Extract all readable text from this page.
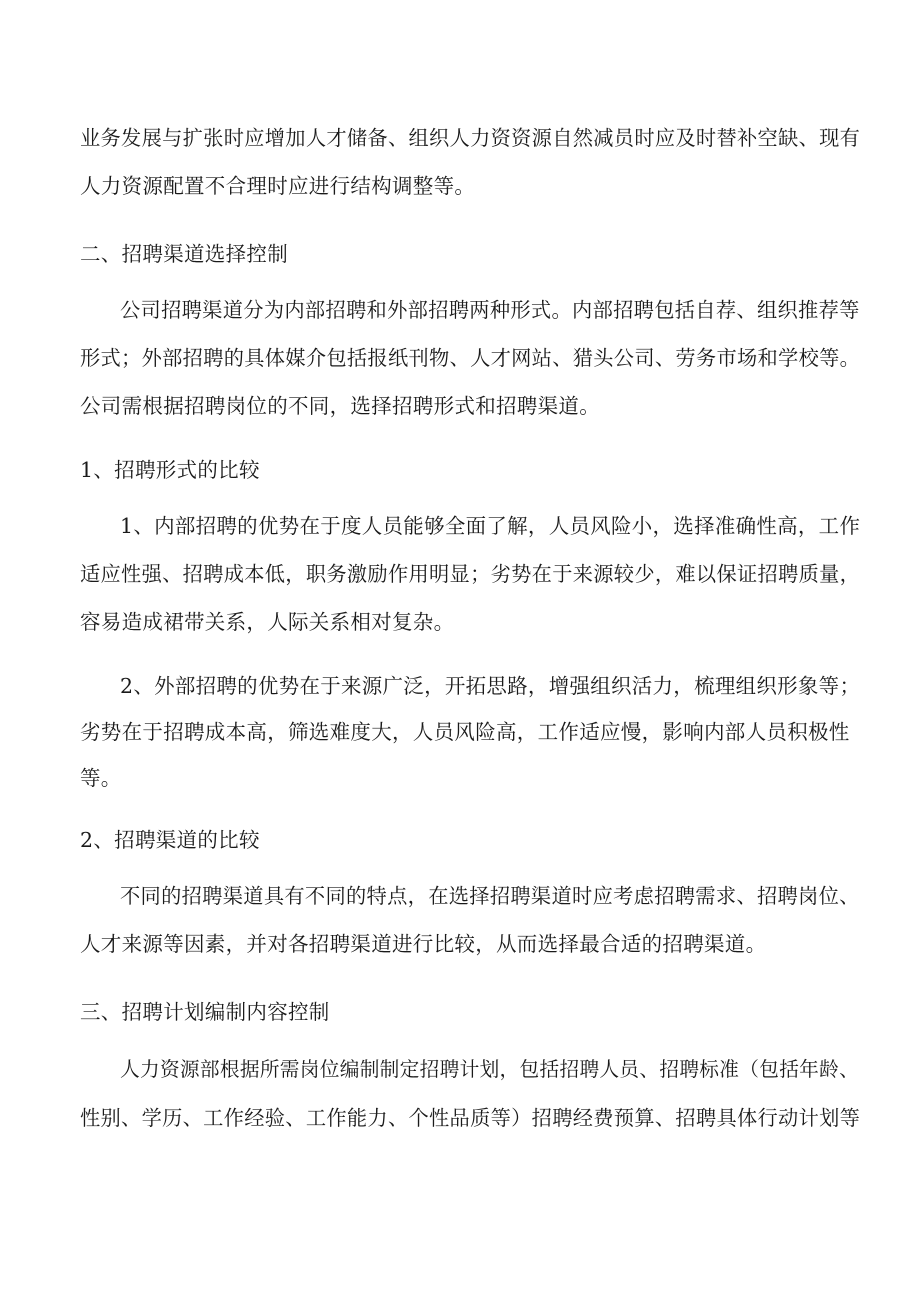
业务发展与扩张时应增加人才储备、组织人力资资源自然减员时应及时替补空缺、现有
人力资源配置不合理时应进行结构调整等。
二、招聘渠道选择控制
公司招聘渠道分为内部招聘和外部招聘两种形式。内部招聘包括自荐、组织推荐等
形式；外部招聘的具体媒介包括报纸刊物、人才网站、猎头公司、劳务市场和学校等。
公司需根据招聘岗位的不同，选择招聘形式和招聘渠道。
1、招聘形式的比较
1、内部招聘的优势在于度人员能够全面了解，人员风险小，选择准确性高，工作
适应性强、招聘成本低，职务激励作用明显；劣势在于来源较少，难以保证招聘质量，
容易造成裙带关系，人际关系相对复杂。
2、外部招聘的优势在于来源广泛，开拓思路，增强组织活力，梳理组织形象等；
劣势在于招聘成本高，筛选难度大，人员风险高，工作适应慢，影响内部人员积极性
等。
2、招聘渠道的比较
不同的招聘渠道具有不同的特点，在选择招聘渠道时应考虑招聘需求、招聘岗位、
人才来源等因素，并对各招聘渠道进行比较，从而选择最合适的招聘渠道。
三、招聘计划编制内容控制
人力资源部根据所需岗位编制制定招聘计划，包括招聘人员、招聘标准（包括年龄、
性别、学历、工作经验、工作能力、个性品质等）招聘经费预算、招聘具体行动计划等
